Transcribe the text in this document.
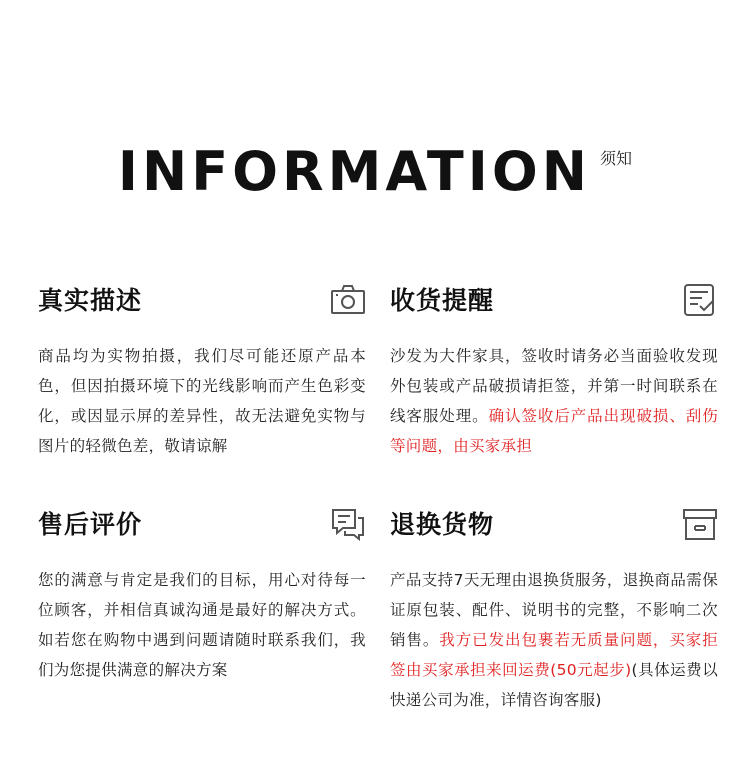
INFORMATION 须知
真实描述
商品均为实物拍摄，我们尽可能还原产品本色，但因拍摄环境下的光线影响而产生色彩变化，或因显示屏的差异性，故无法避免实物与图片的轻微色差，敬请谅解
收货提醒
沙发为大件家具，签收时请务必当面验收发现外包装或产品破损请拒签，并第一时间联系在线客服处理。确认签收后产品出现破损、刮伤等问题，由买家承担
售后评价
您的满意与肯定是我们的目标，用心对待每一位顾客，并相信真诚沟通是最好的解决方式。如若您在购物中遇到问题请随时联系我们，我们为您提供满意的解决方案
退换货物
产品支持7天无理由退换货服务，退换商品需保证原包装、配件、说明书的完整，不影响二次销售。我方已发出包裹若无质量问题，买家拒签由买家承担来回运费(50元起步)(具体运费以快递公司为准，详情咨询客服)
